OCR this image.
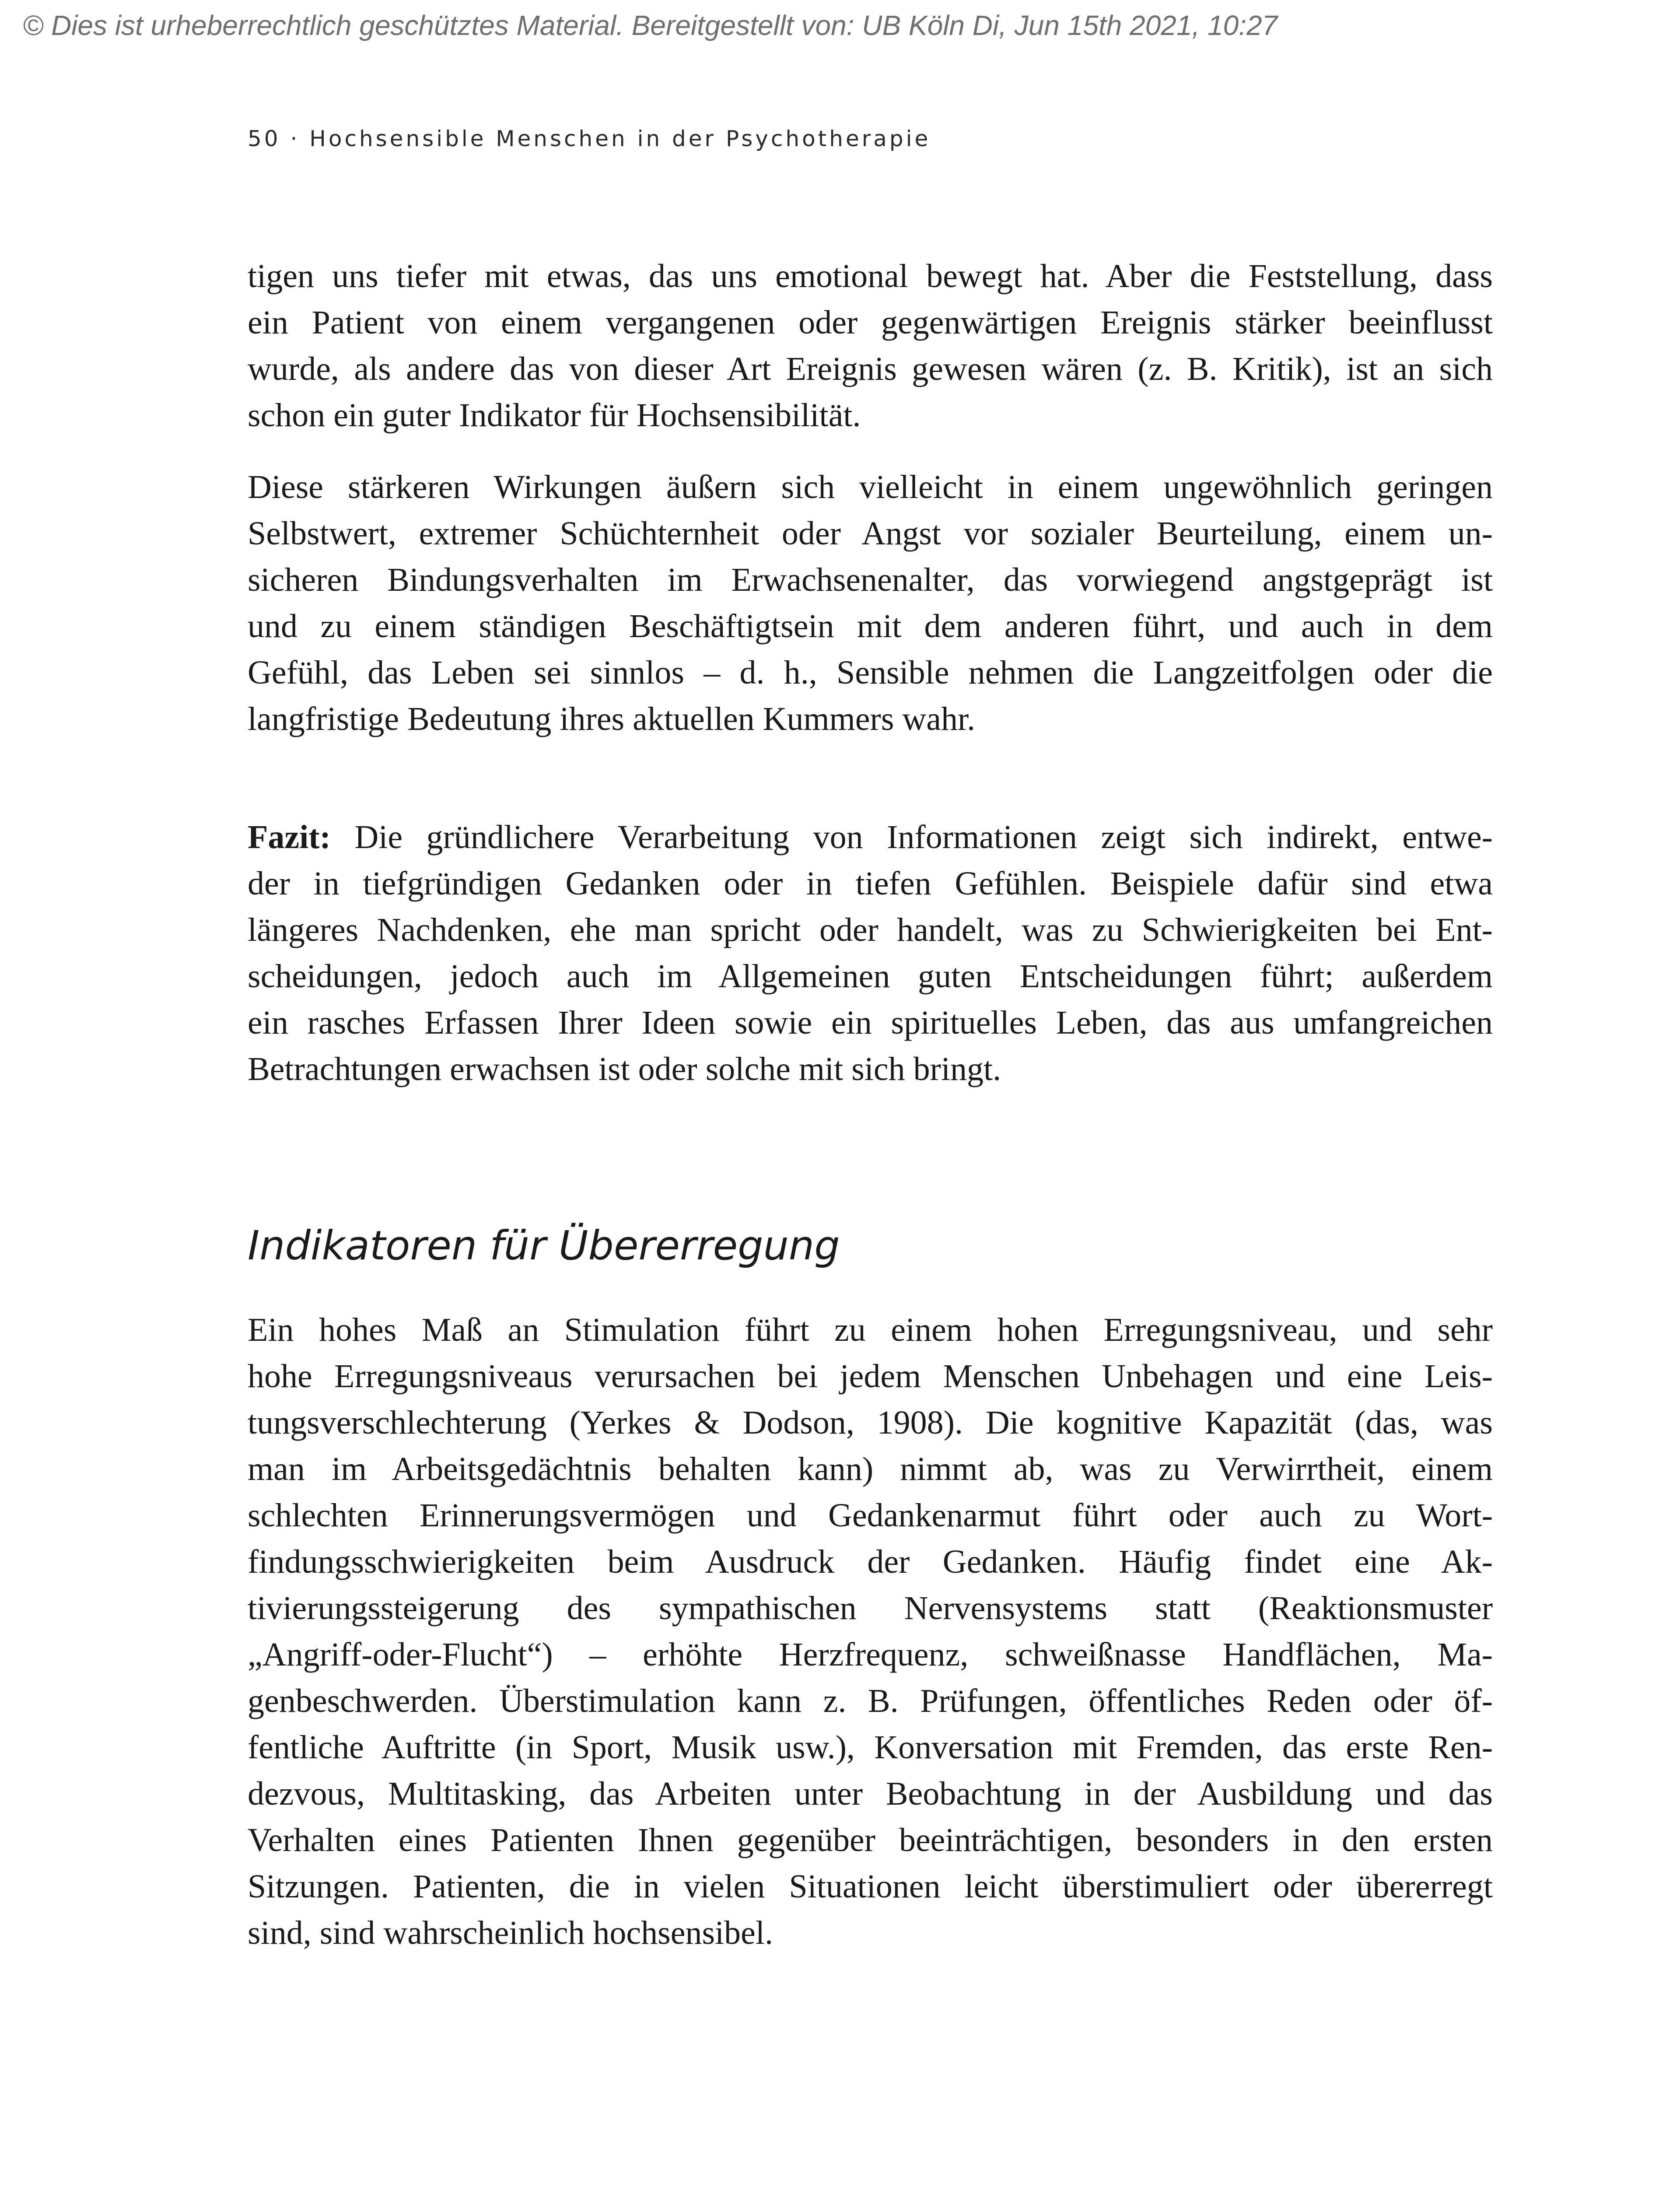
© Dies ist urheberrechtlich geschütztes Material. Bereitgestellt von: UB Köln Di, Jun 15th 2021, 10:27
50 · Hochsensible Menschen in der Psychotherapie
tigen uns tiefer mit etwas, das uns emotional bewegt hat. Aber die Feststellung, dass
ein Patient von einem vergangenen oder gegenwärtigen Ereignis stärker beeinflusst
wurde, als andere das von dieser Art Ereignis gewesen wären (z. B. Kritik), ist an sich
schon ein guter Indikator für Hochsensibilität.
Diese stärkeren Wirkungen äußern sich vielleicht in einem ungewöhnlich geringen
Selbstwert, extremer Schüchternheit oder Angst vor sozialer Beurteilung, einem un-
sicheren Bindungsverhalten im Erwachsenenalter, das vorwiegend angstgeprägt ist
und zu einem ständigen Beschäftigtsein mit dem anderen führt, und auch in dem
Gefühl, das Leben sei sinnlos – d. h., Sensible nehmen die Langzeitfolgen oder die
langfristige Bedeutung ihres aktuellen Kummers wahr.
Fazit: Die gründlichere Verarbeitung von Informationen zeigt sich indirekt, entwe-
der in tiefgründigen Gedanken oder in tiefen Gefühlen. Beispiele dafür sind etwa
längeres Nachdenken, ehe man spricht oder handelt, was zu Schwierigkeiten bei Ent-
scheidungen, jedoch auch im Allgemeinen guten Entscheidungen führt; außerdem
ein rasches Erfassen Ihrer Ideen sowie ein spirituelles Leben, das aus umfangreichen
Betrachtungen erwachsen ist oder solche mit sich bringt.
Indikatoren für Übererregung
Ein hohes Maß an Stimulation führt zu einem hohen Erregungsniveau, und sehr
hohe Erregungsniveaus verursachen bei jedem Menschen Unbehagen und eine Leis-
tungsverschlechterung (Yerkes & Dodson, 1908). Die kognitive Kapazität (das, was
man im Arbeitsgedächtnis behalten kann) nimmt ab, was zu Verwirrtheit, einem
schlechten Erinnerungsvermögen und Gedankenarmut führt oder auch zu Wort-
findungsschwierigkeiten beim Ausdruck der Gedanken. Häufig findet eine Ak-
tivierungssteigerung des sympathischen Nervensystems statt (Reaktionsmuster
„Angriff-oder-Flucht“) – erhöhte Herzfrequenz, schweißnasse Handflächen, Ma-
genbeschwerden. Überstimulation kann z. B. Prüfungen, öffentliches Reden oder öf-
fentliche Auftritte (in Sport, Musik usw.), Konversation mit Fremden, das erste Ren-
dezvous, Multitasking, das Arbeiten unter Beobachtung in der Ausbildung und das
Verhalten eines Patienten Ihnen gegenüber beeinträchtigen, besonders in den ersten
Sitzungen. Patienten, die in vielen Situationen leicht überstimuliert oder übererregt
sind, sind wahrscheinlich hochsensibel.
